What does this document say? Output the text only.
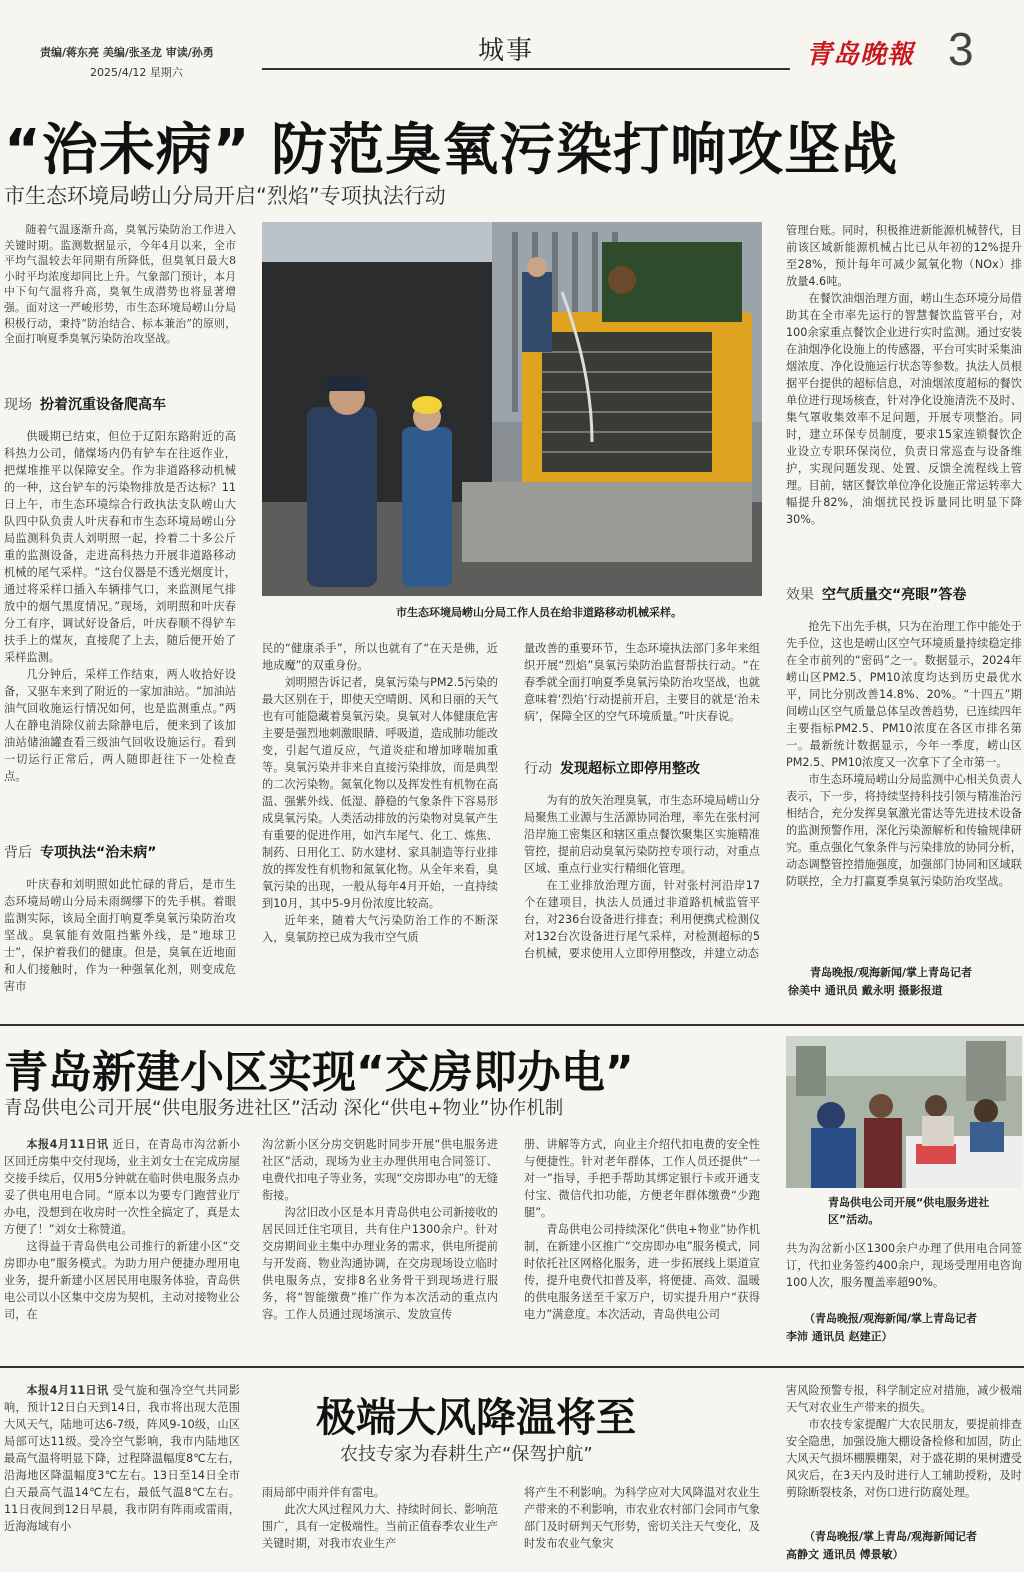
责编/蒋东亮 美编/张圣龙 审读/孙勇
2025/4/12 星期六
城事	青岛晚報 3
“治未病” 防范臭氧污染打响攻坚战
市生态环境局崂山分局开启“烈焰”专项执法行动

随着气温逐渐升高，臭氧污染防治工作进入关键时期。监测数据显示，今年4月以来，全市平均气温较去年同期有所降低，但臭氧日最大8小时平均浓度却同比上升。气象部门预计，本月中下旬气温将升高，臭氧生成潜势也将显著增强。面对这一严峻形势，市生态环境局崂山分局积极行动，秉持“防治结合、标本兼治”的原则，全面打响夏季臭氧污染防治攻坚战。

现场 扮着沉重设备爬高车

供暖期已结束，但位于辽阳东路附近的高科热力公司，储煤场内仍有铲车在往返作业，把煤堆推平以保障安全。作为非道路移动机械的一种，这台铲车的污染物排放是否达标？11日上午，市生态环境综合行政执法支队崂山大队四中队负责人叶庆春和市生态环境局崂山分局监测科负责人刘明照一起，拎着二十多公斤重的监测设备，走进高科热力开展非道路移动机械的尾气采样。“这台仪器是不透光烟度计，通过将采样口插入车辆排气口，来监测尾气排放中的烟气黑度情况。”现场，刘明照和叶庆春分工有序，调试好设备后，叶庆春顺不得铲车扶手上的煤灰，直接爬了上去，随后便开始了采样监测。

几分钟后，采样工作结束，两人收拾好设备，又驱车来到了附近的一家加油站。“加油站油气回收施运行情况如何，也是监测重点。”两人在静电消除仪前去除静电后，便来到了该加油站储油罐查看三级油气回收设施运行。看到一切运行正常后，两人随即赶往下一处检查点。

背后 专项执法“治未病”

叶庆春和刘明照如此忙碌的背后，是市生态环境局崂山分局未雨绸缪下的先手棋。着眼监测实际，该局全面打响夏季臭氧污染防治攻坚战。臭氧能有效阻挡紫外线，是“地球卫士”，保护着我们的健康。但是，臭氧在近地面和人们接触时，作为一种强氧化剂，则变成危害市

市生态环境局崂山分局工作人员在给非道路移动机械采样。

民的“健康杀手”，所以也就有了“在天是佛，近地成魔”的双重身份。

刘明照告诉记者，臭氧污染与PM2.5污染的最大区别在于，即使天空晴朗、风和日丽的天气也有可能隐藏着臭氧污染。臭氧对人体健康危害主要是强烈地刺激眼睛、呼吸道，造成肺功能改变，引起气道反应，气道炎症和增加哮喘加重等。臭氧污染并非来自直接污染排放，而是典型的二次污染物。氮氧化物以及挥发性有机物在高温、强紫外线、低湿、静稳的气象条件下容易形成臭氧污染。人类活动排放的污染物对臭氧产生有重要的促进作用，如汽车尾气、化工、炼焦、制药、日用化工、防水建材、家具制造等行业排放的挥发性有机物和氮氧化物。从全年来看，臭氧污染的出现，一般从每年4月开始，一直持续到10月，其中5-9月份浓度比较高。

近年来，随着大气污染防治工作的不断深入，臭氧防控已成为我市空气质

量改善的重要环节，生态环境执法部门多年来组织开展“烈焰”臭氧污染防治监督帮扶行动。“在春季就全面打响夏季臭氧污染防治攻坚战，也就意味着‘烈焰’行动提前开启，主要目的就是‘治未病’，保障全区的空气环境质量。”叶庆春说。

行动 发现超标立即停用整改

为有的放矢治理臭氧，市生态环境局崂山分局聚焦工业源与生活源协同治理，率先在张村河沿岸施工密集区和辖区重点餐饮聚集区实施精准管控，提前启动臭氧污染防控专项行动，对重点区域、重点行业实行精细化管理。

在工业排放治理方面，针对张村河沿岸17个在建项目，执法人员通过非道路机械监管平台，对236台设备进行排查；利用便携式检测仪对132台次设备进行尾气采样，对检测超标的5台机械，要求使用人立即停用整改，并建立动态

管理台账。同时，积极推进新能源机械替代，目前该区域新能源机械占比已从年初的12%提升至28%，预计每年可减少氮氧化物（NOx）排放量4.6吨。

在餐饮油烟治理方面，崂山生态环境分局借助其在全市率先运行的智慧餐饮监管平台，对100余家重点餐饮企业进行实时监测。通过安装在油烟净化设施上的传感器，平台可实时采集油烟浓度、净化设施运行状态等参数。执法人员根据平台提供的超标信息，对油烟浓度超标的餐饮单位进行现场核查，针对净化设施清洗不及时、集气罩收集效率不足问题，开展专项整治。同时，建立环保专员制度，要求15家连锁餐饮企业设立专职环保岗位，负责日常巡查与设备维护，实现问题发现、处置、反馈全流程线上管理。目前，辖区餐饮单位净化设施正常运转率大幅提升82%，油烟扰民投诉量同比明显下降30%。

效果 空气质量交“亮眼”答卷

抢先下出先手棋，只为在治理工作中能处于先手位，这也是崂山区空气环境质量持续稳定排在全市前列的“密码”之一。数据显示，2024年崂山区PM2.5、PM10浓度均达到历史最优水平，同比分别改善14.8%、20%。“十四五”期间崂山区空气质量总体呈改善趋势，已连续四年主要指标PM2.5、PM10浓度在各区市排名第一。最新统计数据显示，今年一季度，崂山区PM2.5、PM10浓度又一次拿下了全市第一。

市生态环境局崂山分局监测中心相关负责人表示，下一步，将持续坚持科技引领与精准治污相结合，充分发挥臭氧激光雷达等先进技术设备的监测预警作用，深化污染源解析和传输规律研究。重点强化气象条件与污染排放的协同分析，动态调整管控措施强度，加强部门协同和区域联防联控，全力打赢夏季臭氧污染防治攻坚战。

青岛晚报/观海新闻/掌上青岛记者
徐美中 通讯员 戴永明 摄影报道
青岛新建小区实现“交房即办电”
青岛供电公司开展“供电服务进社区”活动 深化“供电+物业”协作机制

本报4月11日讯 近日，在青岛市沟岔新小区回迁房集中交付现场，业主刘女士在完成房屋交接手续后，仅用5分钟就在临时供电服务点办妥了供电用电合同。“原本以为要专门跑营业厅办电，没想到在收房时一次性全搞定了，真是太方便了！”刘女士称赞道。

这得益于青岛供电公司推行的新建小区“交房即办电”服务模式。为助力用户便捷办理用电业务，提升新建小区居民用电服务体验，青岛供电公司以小区集中交房为契机，主动对接物业公司，在

沟岔新小区分房交钥匙时同步开展“供电服务进社区”活动，现场为业主办理供用电合同签订、电费代扣电子等业务，实现“交房即办电”的无缝衔接。

沟岔旧改小区是本月青岛供电公司新接收的居民回迁住宅项目，共有住户1300余户。针对交房期间业主集中办理业务的需求，供电所提前与开发商、物业沟通协调，在交房现场设立临时供电服务点，安排8名业务骨干到现场进行服务，将“智能缴费”推广作为本次活动的重点内容。工作人员通过现场演示、发放宣传

册、讲解等方式，向业主介绍代扣电费的安全性与便捷性。针对老年群体，工作人员还提供“一对一”指导，手把手帮助其绑定银行卡或开通支付宝、微信代扣功能，方便老年群体缴费“少跑腿”。

青岛供电公司持续深化“供电+物业”协作机制，在新建小区推广“交房即办电”服务模式，同时依托社区网格化服务，进一步拓展线上渠道宣传，提升电费代扣普及率，将便捷、高效、温暖的供电服务送至千家万户，切实提升用户“获得电力”满意度。本次活动，青岛供电公司

青岛供电公司开展“供电服务进社区”活动。

共为沟岔新小区1300余户办理了供用电合同签订，代扣业务签约400余户，现场受理用电咨询100人次，服务覆盖率超90%。

（青岛晚报/观海新闻/掌上青岛记者
李沛 通讯员 赵建正）

本报4月11日讯 受气旋和强冷空气共同影响，预计12日白天到14日，我市将出现大范围大风天气，陆地可达6-7级，阵风9-10级，山区局部可达11级。受冷空气影响，我市内陆地区最高气温将明显下降，过程降温幅度8℃左右，沿海地区降温幅度3℃左右。13日至14日全市白天最高气温14℃左右，最低气温8℃左右。11日夜间到12日早晨，我市阴有阵雨或雷雨，近海海域有小

极端大风降温将至
农技专家为春耕生产“保驾护航”

雨局部中雨并伴有雷电。

此次大风过程风力大、持续时间长、影响范围广，具有一定极端性。当前正值春季农业生产关键时期，对我市农业生产

将产生不利影响。为科学应对大风降温对农业生产带来的不利影响，市农业农村部门会同市气象部门及时研判天气形势，密切关注天气变化，及时发布农业气象灾

害风险预警专报，科学制定应对措施，减少极端天气对农业生产带来的损失。

市农技专家提醒广大农民朋友，要提前排查安全隐患，加强设施大棚设备检修和加固，防止大风天气损坏棚膜棚架，对于盛花期的果树遭受风灾后，在3天内及时进行人工辅助授粉，及时剪除断裂枝条，对伤口进行防腐处理。

（青岛晚报/掌上青岛/观海新闻记者
高静文 通讯员 傅景敏）
